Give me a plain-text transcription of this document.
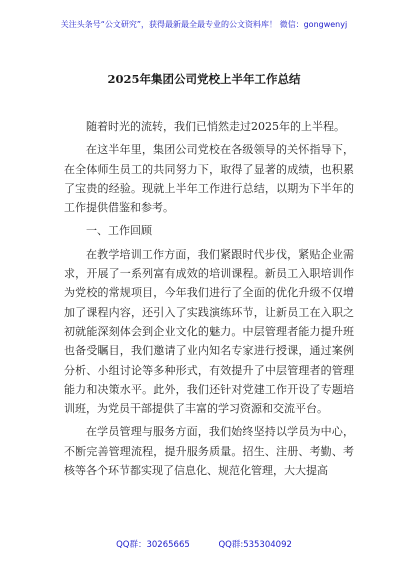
关注头条号“公文研究”，获得最新最全最专业的公文资料库！ 微信：gongwenyj
2025年集团公司党校上半年工作总结

随着时光的流转，我们已悄然走过2025年的上半程。

在这半年里，集团公司党校在各级领导的关怀指导下，在全体师生员工的共同努力下，取得了显著的成绩，也积累了宝贵的经验。现就上半年工作进行总结，以期为下半年的工作提供借鉴和参考。

一、工作回顾

在教学培训工作方面，我们紧跟时代步伐，紧贴企业需求，开展了一系列富有成效的培训课程。新员工入职培训作为党校的常规项目，今年我们进行了全面的优化升级不仅增加了课程内容，还引入了实践演练环节，让新员工在入职之初就能深刻体会到企业文化的魅力。中层管理者能力提升班也备受瞩目，我们邀请了业内知名专家进行授课，通过案例分析、小组讨论等多种形式，有效提升了中层管理者的管理能力和决策水平。此外，我们还针对党建工作开设了专题培训班，为党员干部提供了丰富的学习资源和交流平台。

在学员管理与服务方面，我们始终坚持以学员为中心，不断完善管理流程，提升服务质量。招生、注册、考勤、考核等各个环节都实现了信息化、规范化管理，大大提高

QQ群：30265665	QQ群:535304092
